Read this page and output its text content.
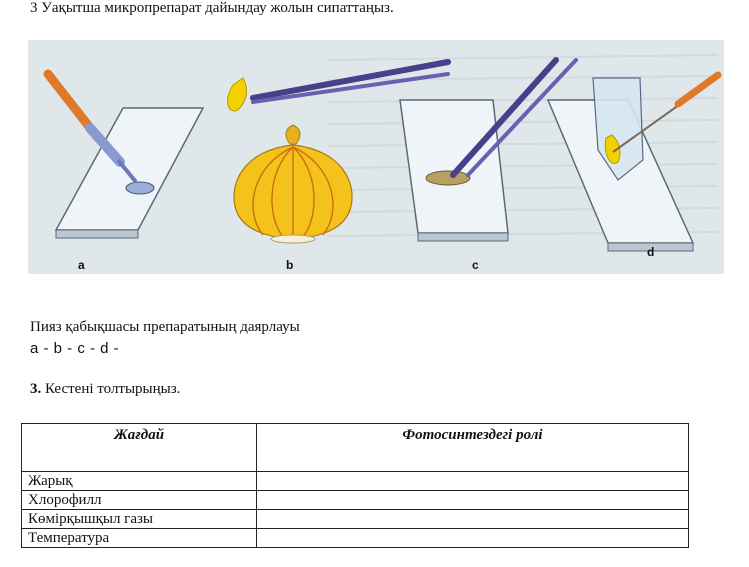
3 Уақытша микропрепарат дайындау жолын сипаттаңыз.
a	b	c
d
Пияз қабықшасы препаратының даярлауы
a - b - c - d -
3. Кестені толтырыңыз.
Жағдай	Фотосинтездегі ролі
Жарық	
Хлорофилл	
Көмірқышқыл газы	
Температура	
